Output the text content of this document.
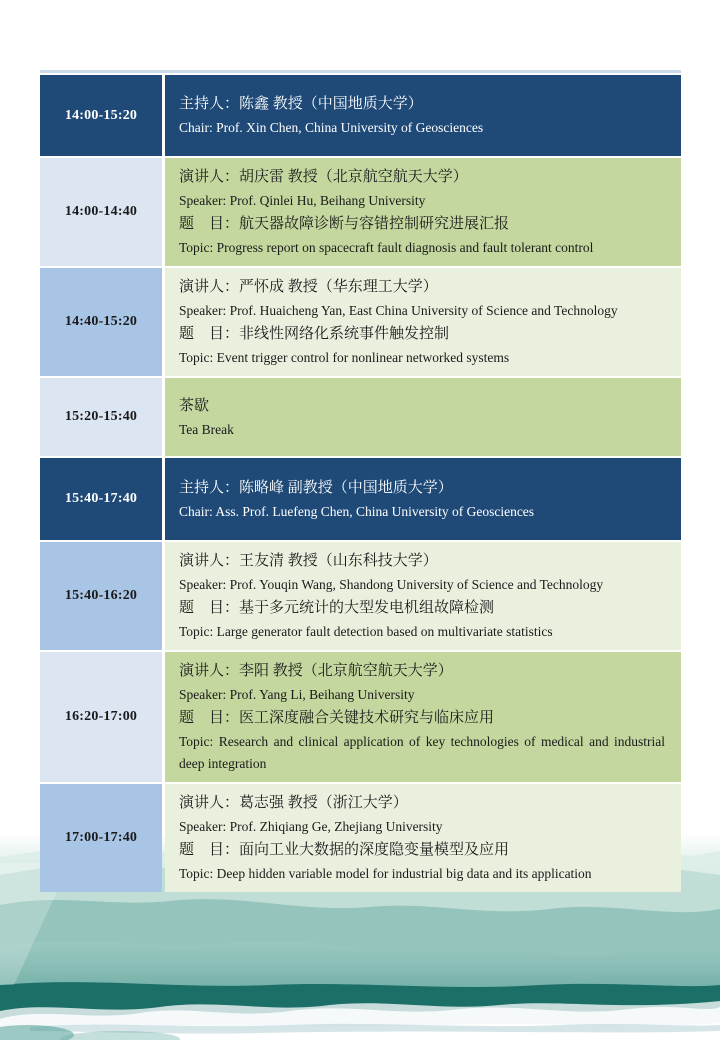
14:00-15:20

主持人：陈鑫 教授（中国地质大学）

Chair: Prof. Xin Chen, China University of Geosciences

14:00-14:40

演讲人：胡庆雷 教授（北京航空航天大学）

Speaker: Prof. Qinlei Hu, Beihang University

题　目：航天器故障诊断与容错控制研究进展汇报

Topic: Progress report on spacecraft fault diagnosis and fault tolerant control

14:40-15:20

演讲人：严怀成 教授（华东理工大学）

Speaker: Prof. Huaicheng Yan, East China University of Science and Technology

题　目：非线性网络化系统事件触发控制

Topic: Event trigger control for nonlinear networked systems

15:20-15:40

茶歇

Tea Break

15:40-17:40

主持人：陈略峰 副教授（中国地质大学）

Chair: Ass. Prof. Luefeng Chen, China University of Geosciences

15:40-16:20

演讲人：王友清 教授（山东科技大学）

Speaker: Prof. Youqin Wang, Shandong University of Science and Technology

题　目：基于多元统计的大型发电机组故障检测

Topic: Large generator fault detection based on multivariate statistics

16:20-17:00

演讲人：李阳 教授（北京航空航天大学）

Speaker: Prof. Yang Li, Beihang University

题　目：医工深度融合关键技术研究与临床应用

Topic: Research and clinical application of key technologies of medical and industrial deep integration

17:00-17:40

演讲人：葛志强 教授（浙江大学）

Speaker: Prof. Zhiqiang Ge, Zhejiang University

题　目：面向工业大数据的深度隐变量模型及应用

Topic: Deep hidden variable model for industrial big data and its application
